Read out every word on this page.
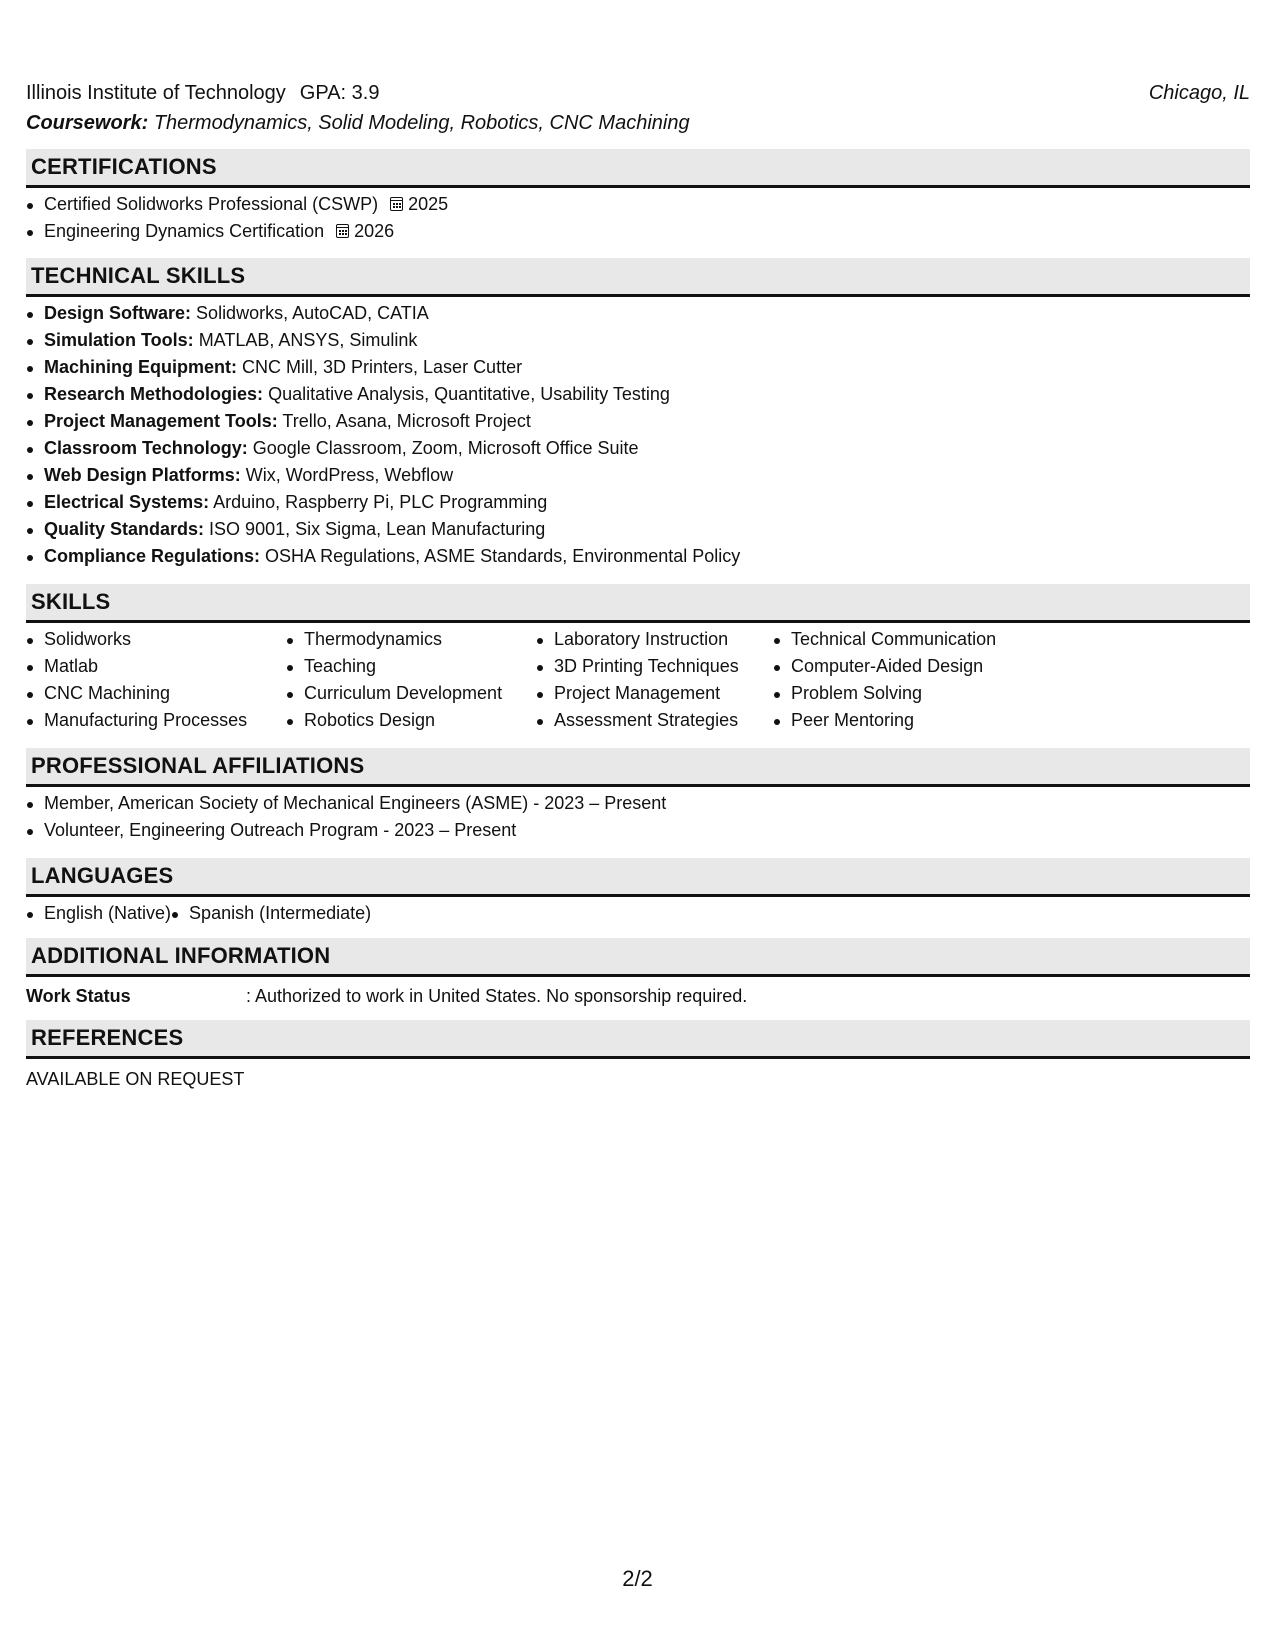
Illinois Institute of Technology GPA: 3.9	Chicago, IL
Coursework: Thermodynamics, Solid Modeling, Robotics, CNC Machining
CERTIFICATIONS
Certified Solidworks Professional (CSWP) 2025
Engineering Dynamics Certification 2026
TECHNICAL SKILLS
Design Software: Solidworks, AutoCAD, CATIA
Simulation Tools: MATLAB, ANSYS, Simulink
Machining Equipment: CNC Mill, 3D Printers, Laser Cutter
Research Methodologies: Qualitative Analysis, Quantitative, Usability Testing
Project Management Tools: Trello, Asana, Microsoft Project
Classroom Technology: Google Classroom, Zoom, Microsoft Office Suite
Web Design Platforms: Wix, WordPress, Webflow
Electrical Systems: Arduino, Raspberry Pi, PLC Programming
Quality Standards: ISO 9001, Six Sigma, Lean Manufacturing
Compliance Regulations: OSHA Regulations, ASME Standards, Environmental Policy
SKILLS
Solidworks
Matlab
CNC Machining
Manufacturing Processes
Thermodynamics
Teaching
Curriculum Development
Robotics Design
Laboratory Instruction
3D Printing Techniques
Project Management
Assessment Strategies
Technical Communication
Computer-Aided Design
Problem Solving
Peer Mentoring
PROFESSIONAL AFFILIATIONS
Member, American Society of Mechanical Engineers (ASME) - 2023 – Present
Volunteer, Engineering Outreach Program - 2023 – Present
LANGUAGES
English (Native)	Spanish (Intermediate)
ADDITIONAL INFORMATION
Work Status	: Authorized to work in United States. No sponsorship required.
REFERENCES
AVAILABLE ON REQUEST
2/2
